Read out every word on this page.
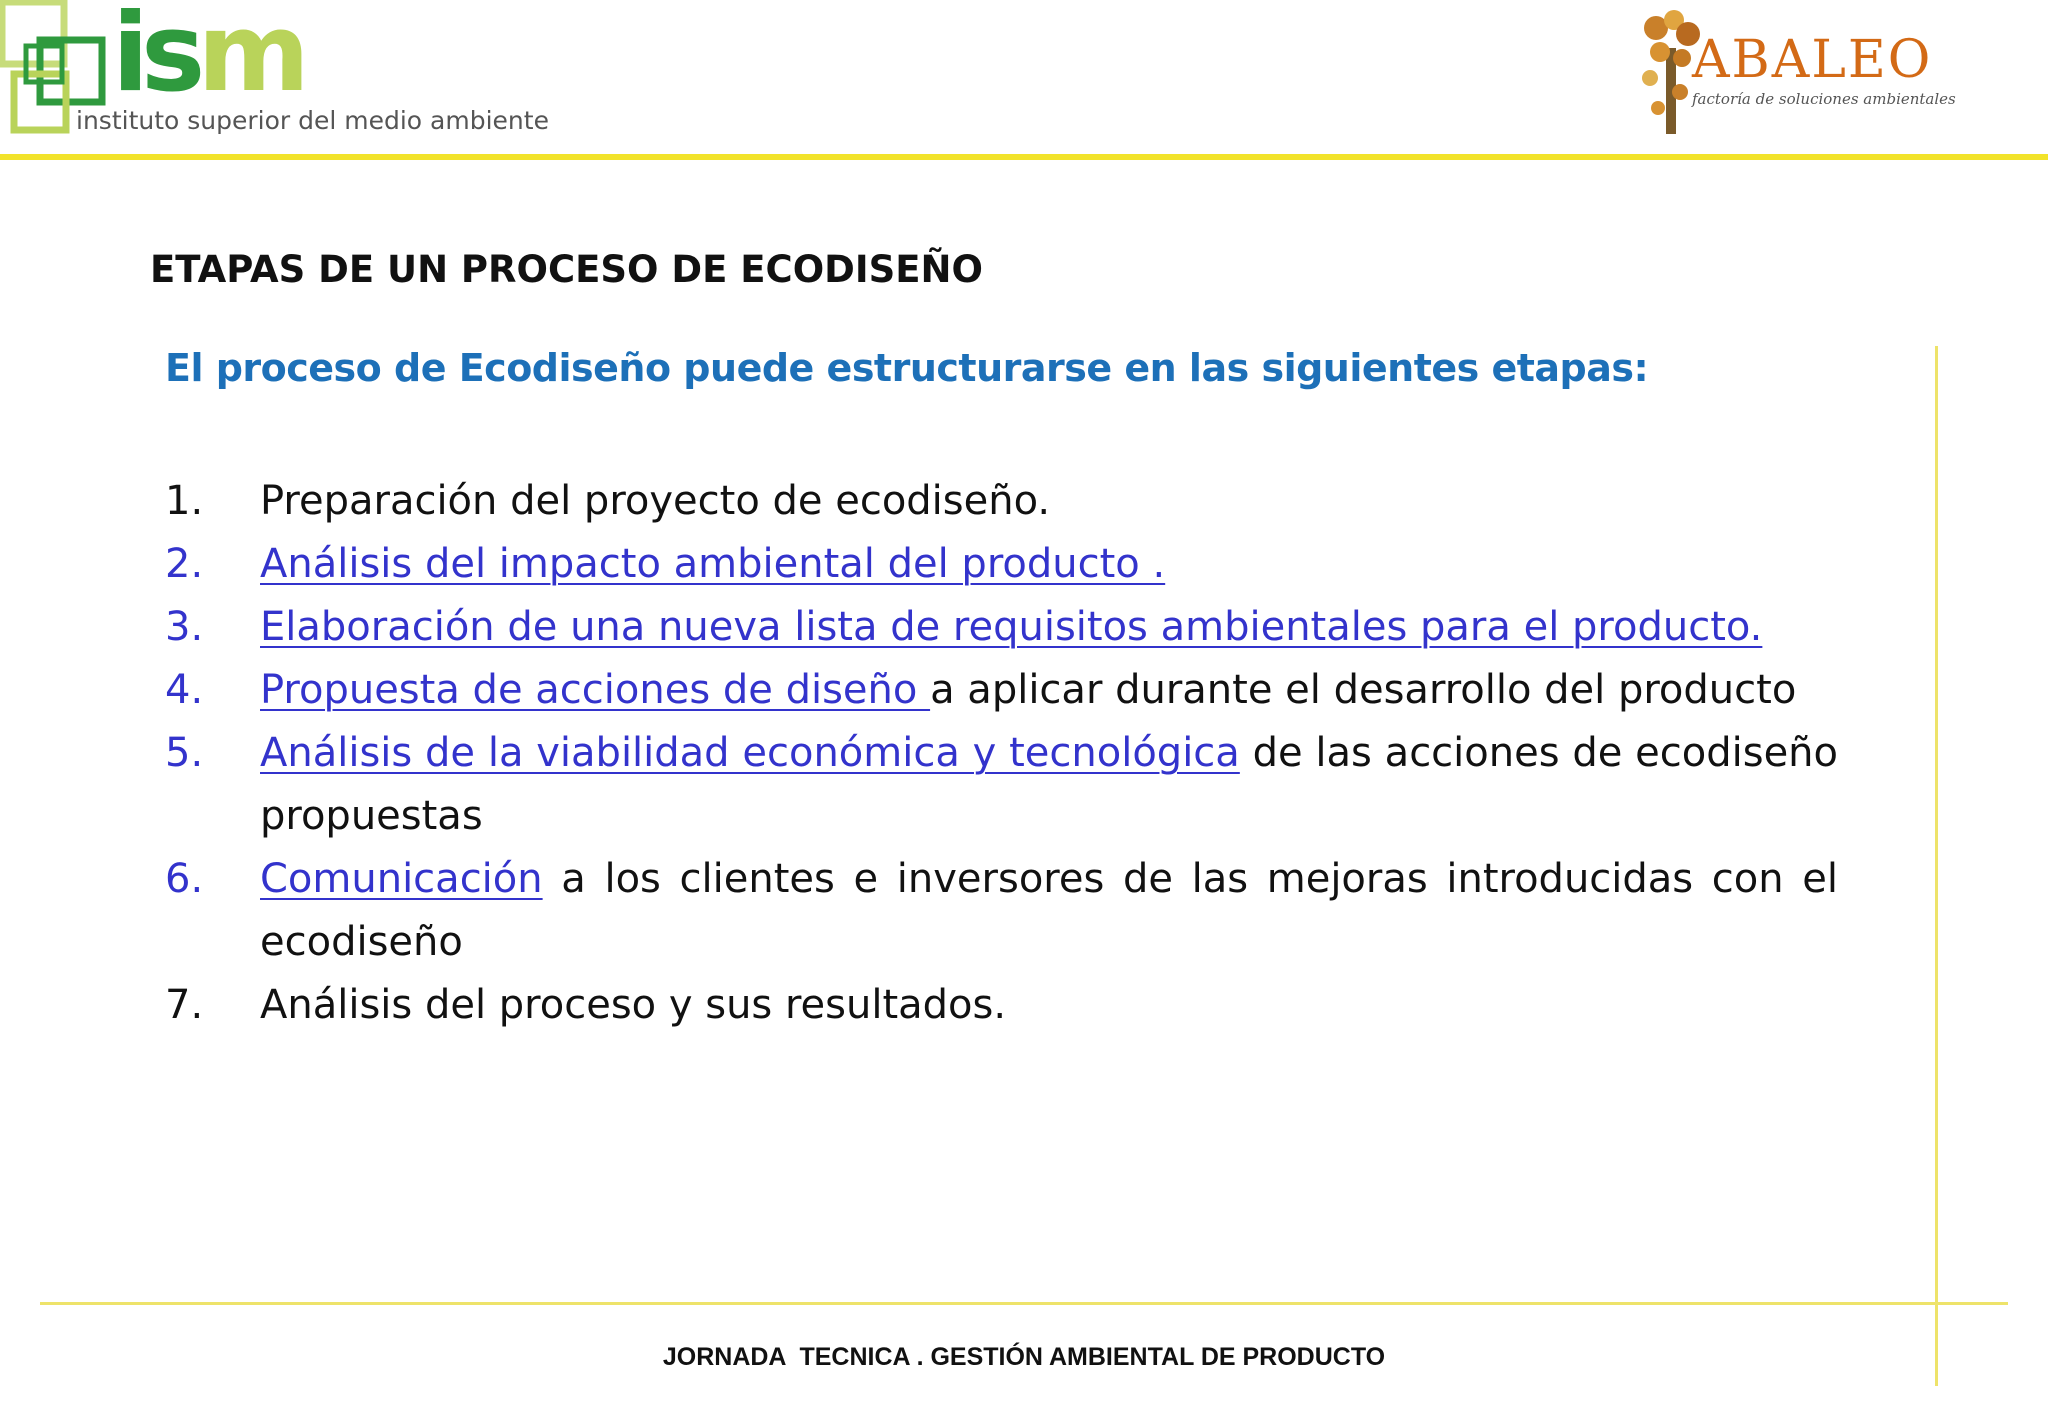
ism
instituto superior del medio ambiente
ABALEO
factoría de soluciones ambientales
ETAPAS DE UN PROCESO DE ECODISEÑO
El proceso de Ecodiseño puede estructurarse en las siguientes etapas:
1. Preparación del proyecto de ecodiseño.
2. Análisis del impacto ambiental del producto .
3. Elaboración de una nueva lista de requisitos ambientales para el producto.
4. Propuesta de acciones de diseño a aplicar durante el desarrollo del producto
5. Análisis de la viabilidad económica y tecnológica de las acciones de ecodiseño propuestas
6. Comunicación a los clientes e inversores de las mejoras introducidas con el ecodiseño
7. Análisis del proceso y sus resultados.
JORNADA  TECNICA . GESTIÓN AMBIENTAL DE PRODUCTO
